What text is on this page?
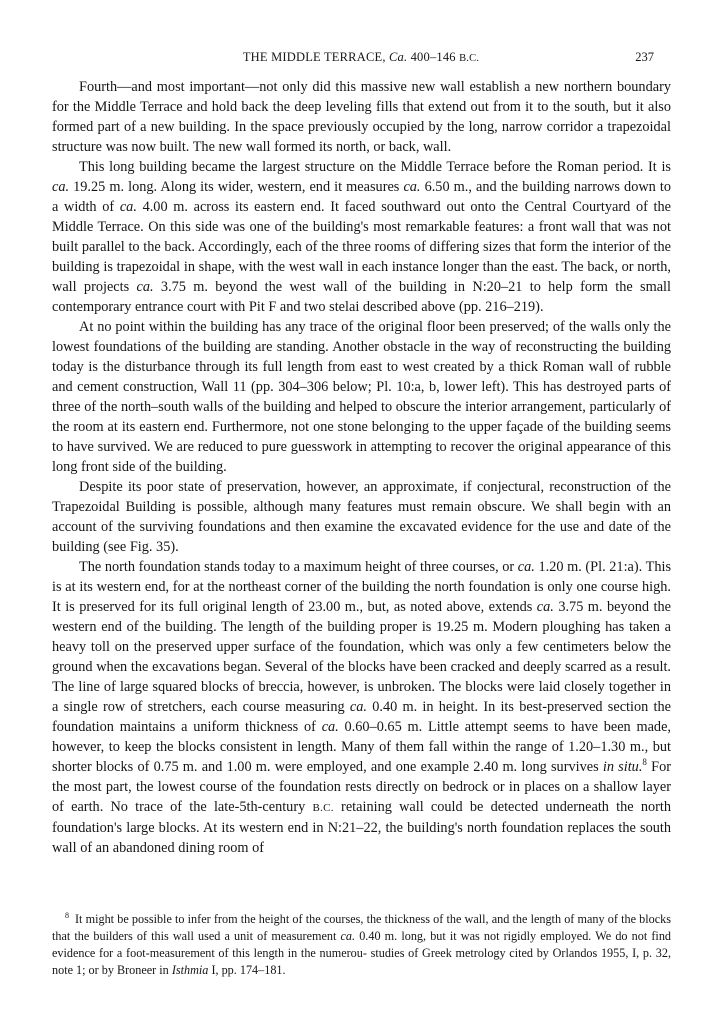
THE MIDDLE TERRACE, Ca. 400–146 B.C.	237

Fourth—and most important—not only did this massive new wall establish a new northern boundary for the Middle Terrace and hold back the deep leveling fills that extend out from it to the south, but it also formed part of a new building. In the space previously occupied by the long, narrow corridor a trapezoidal structure was now built. The new wall formed its north, or back, wall.

This long building became the largest structure on the Middle Terrace before the Roman period. It is ca. 19.25 m. long. Along its wider, western, end it measures ca. 6.50 m., and the building narrows down to a width of ca. 4.00 m. across its eastern end. It faced southward out onto the Central Courtyard of the Middle Terrace. On this side was one of the building's most remarkable features: a front wall that was not built parallel to the back. Accordingly, each of the three rooms of differing sizes that form the interior of the building is trapezoidal in shape, with the west wall in each instance longer than the east. The back, or north, wall projects ca. 3.75 m. beyond the west wall of the building in N:20–21 to help form the small contemporary entrance court with Pit F and two stelai described above (pp. 216–219).

At no point within the building has any trace of the original floor been preserved; of the walls only the lowest foundations of the building are standing. Another obstacle in the way of reconstructing the building today is the disturbance through its full length from east to west created by a thick Roman wall of rubble and cement construction, Wall 11 (pp. 304–306 below; Pl. 10:a, b, lower left). This has destroyed parts of three of the north–south walls of the building and helped to obscure the interior arrangement, particularly of the room at its eastern end. Furthermore, not one stone belonging to the upper façade of the building seems to have survived. We are reduced to pure guesswork in attempting to recover the original appearance of this long front side of the building.

Despite its poor state of preservation, however, an approximate, if conjectural, reconstruction of the Trapezoidal Building is possible, although many features must remain obscure. We shall begin with an account of the surviving foundations and then examine the excavated evidence for the use and date of the building (see Fig. 35).

The north foundation stands today to a maximum height of three courses, or ca. 1.20 m. (Pl. 21:a). This is at its western end, for at the northeast corner of the building the north foundation is only one course high. It is preserved for its full original length of 23.00 m., but, as noted above, extends ca. 3.75 m. beyond the western end of the building. The length of the building proper is 19.25 m. Modern ploughing has taken a heavy toll on the preserved upper surface of the foundation, which was only a few centimeters below the ground when the excavations began. Several of the blocks have been cracked and deeply scarred as a result. The line of large squared blocks of breccia, however, is unbroken. The blocks were laid closely together in a single row of stretchers, each course measuring ca. 0.40 m. in height. In its best-preserved section the foundation maintains a uniform thickness of ca. 0.60–0.65 m. Little attempt seems to have been made, however, to keep the blocks consistent in length. Many of them fall within the range of 1.20–1.30 m., but shorter blocks of 0.75 m. and 1.00 m. were employed, and one example 2.40 m. long survives in situ.$^8$ For the most part, the lowest course of the foundation rests directly on bedrock or in places on a shallow layer of earth. No trace of the late-5th-century B.C. retaining wall could be detected underneath the north foundation's large blocks. At its western end in N:21–22, the building's north foundation replaces the south wall of an abandoned dining room of

$^8$ It might be possible to infer from the height of the courses, the thickness of the wall, and the length of many of the blocks that the builders of this wall used a unit of measurement ca. 0.40 m. long, but it was not rigidly employed. We do not find evidence for a foot-measurement of this length in the numerou- studies of Greek metrology cited by Orlandos 1955, I, p. 32, note 1; or by Broneer in Isthmia I, pp. 174–181.
